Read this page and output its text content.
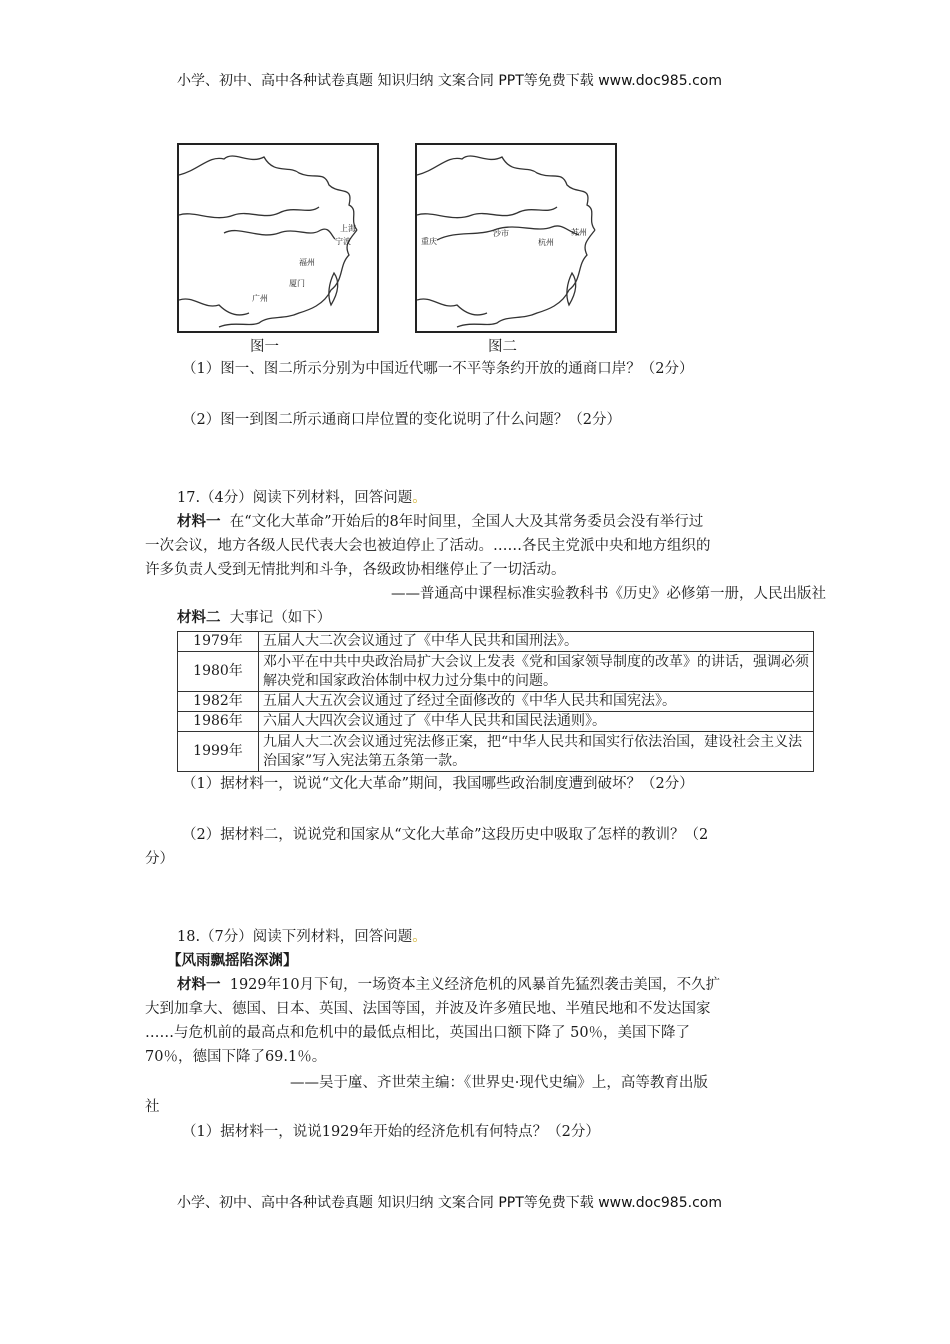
小学、初中、高中各种试卷真题 知识归纳 文案合同 PPT等免费下载 www.doc985.com
上海
宁波
福州
厦门
广州
图一
重庆
沙市
杭州
苏州
图二
（1）图一、图二所示分别为中国近代哪一不平等条约开放的通商口岸？（2分）
（2）图一到图二所示通商口岸位置的变化说明了什么问题？（2分）
17.（4分）阅读下列材料，回答问题。
材料一 在“文化大革命”开始后的8年时间里，全国人大及其常务委员会没有举行过
一次会议，地方各级人民代表大会也被迫停止了活动。……各民主党派中央和地方组织的
许多负责人受到无情批判和斗争，各级政协相继停止了一切活动。
——普通高中课程标准实验教科书《历史》必修第一册，人民出版社
材料二 大事记（如下）
1979年	五届人大二次会议通过了《中华人民共和国刑法》。
1980年	邓小平在中共中央政治局扩大会议上发表《党和国家领导制度的改革》的讲话，强调必须解决党和国家政治体制中权力过分集中的问题。
1982年	五届人大五次会议通过了经过全面修改的《中华人民共和国宪法》。
1986年	六届人大四次会议通过了《中华人民共和国民法通则》。
1999年	九届人大二次会议通过宪法修正案，把“中华人民共和国实行依法治国，建设社会主义法治国家”写入宪法第五条第一款。
（1）据材料一，说说“文化大革命”期间，我国哪些政治制度遭到破坏？（2分）
（2）据材料二，说说党和国家从“文化大革命”这段历史中吸取了怎样的教训？（2
分）
18.（7分）阅读下列材料，回答问题。
【风雨飘摇陷深渊】
材料一 1929年10月下旬，一场资本主义经济危机的风暴首先猛烈袭击美国，不久扩
大到加拿大、德国、日本、英国、法国等国，并波及许多殖民地、半殖民地和不发达国家
……与危机前的最高点和危机中的最低点相比，英国出口额下降了 50％，美国下降了
70％，德国下降了69.1％。
——吴于廑、齐世荣主编：《世界史·现代史编》上，高等教育出版
社
（1）据材料一，说说1929年开始的经济危机有何特点？（2分）
小学、初中、高中各种试卷真题 知识归纳 文案合同 PPT等免费下载 www.doc985.com
